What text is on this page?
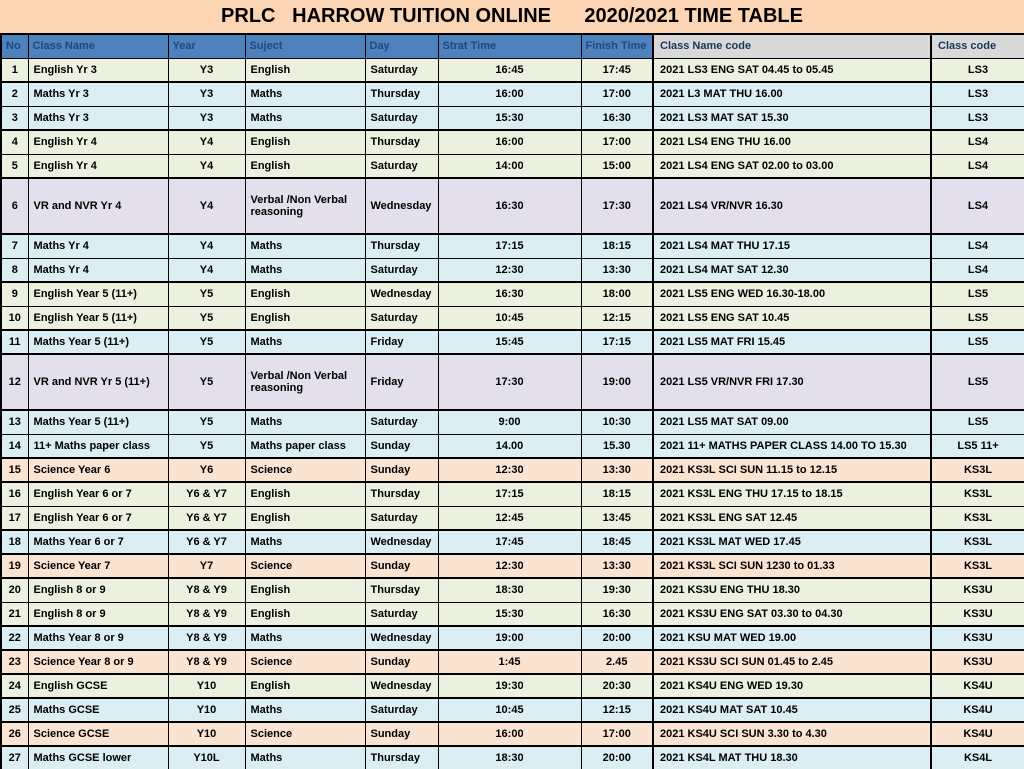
PRLC   HARROW TUITION ONLINE      2020/2021 TIME TABLE
No	Class Name	Year	Suject	Day	Strat Time	Finish Time	Class Name code	Class code
1	English Yr 3	Y3	English	Saturday	16:45	17:45	2021 LS3 ENG SAT 04.45 to 05.45	LS3
2	Maths Yr 3	Y3	Maths	Thursday	16:00	17:00	2021 L3 MAT THU 16.00	LS3
3	Maths Yr 3	Y3	Maths	Saturday	15:30	16:30	2021 LS3 MAT SAT 15.30	LS3
4	English Yr 4	Y4	English	Thursday	16:00	17:00	2021 LS4 ENG THU 16.00	LS4
5	English Yr 4	Y4	English	Saturday	14:00	15:00	2021 LS4 ENG SAT 02.00 to 03.00	LS4
6	VR and NVR Yr 4	Y4	Verbal /Non Verbal reasoning	Wednesday	16:30	17:30	2021 LS4 VR/NVR 16.30	LS4
7	Maths Yr 4	Y4	Maths	Thursday	17:15	18:15	2021 LS4 MAT THU 17.15	LS4
8	Maths Yr 4	Y4	Maths	Saturday	12:30	13:30	2021 LS4 MAT SAT 12.30	LS4
9	English Year 5 (11+)	Y5	English	Wednesday	16:30	18:00	2021 LS5 ENG WED 16.30-18.00	LS5
10	English Year 5 (11+)	Y5	English	Saturday	10:45	12:15	2021 LS5 ENG SAT 10.45	LS5
11	Maths Year 5 (11+)	Y5	Maths	Friday	15:45	17:15	2021 LS5 MAT FRI 15.45	LS5
12	VR and NVR Yr 5 (11+)	Y5	Verbal /Non Verbal reasoning	Friday	17:30	19:00	2021 LS5 VR/NVR FRI 17.30	LS5
13	Maths Year 5 (11+)	Y5	Maths	Saturday	9:00	10:30	2021 LS5 MAT SAT 09.00	LS5
14	11+ Maths paper class	Y5	Maths paper class	Sunday	14.00	15.30	2021 11+ MATHS PAPER CLASS 14.00 TO 15.30	LS5 11+
15	Science Year 6	Y6	Science	Sunday	12:30	13:30	2021 KS3L SCI SUN 11.15 to 12.15	KS3L
16	English Year 6 or 7	Y6 & Y7	English	Thursday	17:15	18:15	2021 KS3L ENG THU 17.15 to 18.15	KS3L
17	English Year 6 or 7	Y6 & Y7	English	Saturday	12:45	13:45	2021 KS3L ENG SAT 12.45	KS3L
18	Maths Year 6 or 7	Y6 & Y7	Maths	Wednesday	17:45	18:45	2021 KS3L MAT WED 17.45	KS3L
19	Science Year 7	Y7	Science	Sunday	12:30	13:30	2021 KS3L SCI SUN 1230 to 01.33	KS3L
20	English 8 or 9	Y8 & Y9	English	Thursday	18:30	19:30	2021 KS3U ENG THU 18.30	KS3U
21	English 8 or 9	Y8 & Y9	English	Saturday	15:30	16:30	2021 KS3U ENG SAT 03.30 to 04.30	KS3U
22	Maths Year 8 or 9	Y8 & Y9	Maths	Wednesday	19:00	20:00	2021 KSU MAT WED 19.00	KS3U
23	Science Year 8 or 9	Y8 & Y9	Science	Sunday	1:45	2.45	2021 KS3U SCI SUN 01.45 to 2.45	KS3U
24	English GCSE	Y10	English	Wednesday	19:30	20:30	2021 KS4U ENG WED 19.30	KS4U
25	Maths GCSE	Y10	Maths	Saturday	10:45	12:15	2021 KS4U MAT SAT 10.45	KS4U
26	Science GCSE	Y10	Science	Sunday	16:00	17:00	2021 KS4U SCI SUN 3.30 to 4.30	KS4U
27	Maths GCSE lower	Y10L	Maths	Thursday	18:30	20:00	2021 KS4L MAT THU 18.30	KS4L
